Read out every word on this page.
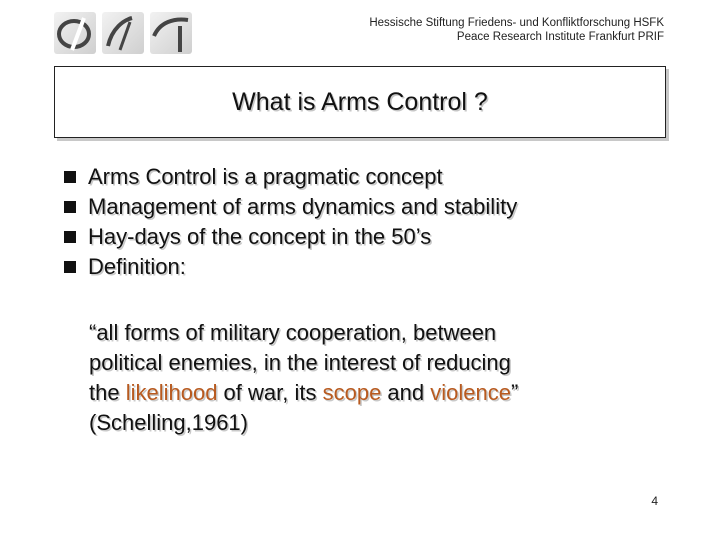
Hessische Stiftung Friedens- und Konfliktforschung HSFK
Peace Research Institute Frankfurt PRIF
What is Arms Control ?
Arms Control is a pragmatic concept
Management of arms dynamics and stability
Hay-days of the concept in the 50’s
Definition:
“all forms of military cooperation, between
political enemies, in the interest of reducing
the likelihood of war, its scope and violence”
(Schelling,1961)
4
